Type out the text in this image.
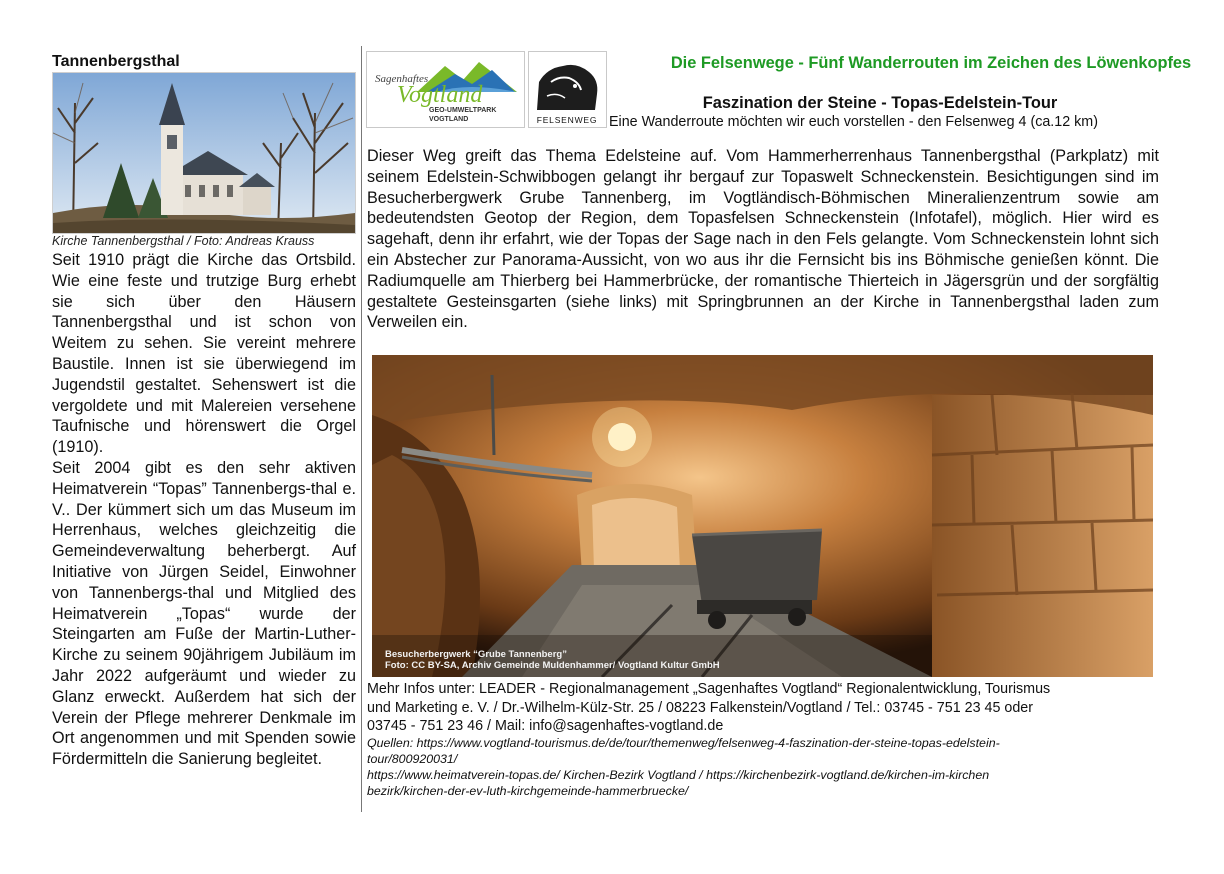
Tannenbergsthal
Kirche Tannenbergsthal / Foto: Andreas Krauss

Seit 1910 prägt die Kirche das Ortsbild. Wie eine feste und trutzige Burg erhebt sie sich über den Häusern Tannenbergsthal und ist schon von Weitem zu sehen. Sie vereint mehrere Baustile. Innen ist sie überwiegend im Jugendstil gestaltet. Sehenswert ist die vergoldete und mit Malereien versehene Taufnische und hörenswert die Orgel (1910).

Seit 2004 gibt es den sehr aktiven Heimatverein “Topas” Tannenbergs-thal e. V.. Der kümmert sich um das Museum im Herrenhaus, welches gleichzeitig die Gemeindeverwaltung beherbergt. Auf Initiative von Jürgen Seidel, Einwohner von Tannenbergs-thal und Mitglied des Heimatverein „Topas“ wurde der Steingarten am Fuße der Martin-Luther-Kirche zu seinem 90jährigem Jubiläum im Jahr 2022 aufgeräumt und wieder zu Glanz erweckt. Außerdem hat sich der Verein der Pflege mehrerer Denkmale im Ort angenommen und mit Spenden sowie Fördermitteln die Sanierung begleitet.

Sagenhaftes
Vogtland
GEO-UMWELTPARK
VOGTLAND	FELSENWEG
Die Felsenwege - Fünf Wanderrouten im Zeichen des Löwenkopfes
Faszination der Steine - Topas-Edelstein-Tour
Eine Wanderroute möchten wir euch vorstellen - den Felsenweg 4 (ca.12 km)

Dieser Weg greift das Thema Edelsteine auf. Vom Hammerherrenhaus Tannenbergsthal (Parkplatz) mit seinem Edelstein-Schwibbogen gelangt ihr bergauf zur Topaswelt Schneckenstein. Besichtigungen sind im Besucherbergwerk Grube Tannenberg, im Vogtländisch-Böhmischen Mineralienzentrum sowie am bedeutendsten Geotop der Region, dem Topasfelsen Schneckenstein (Infotafel), möglich. Hier wird es sagehaft, denn ihr erfahrt, wie der Topas der Sage nach in den Fels gelangte. Vom Schneckenstein lohnt sich ein Abstecher zur Panorama-Aussicht, von wo aus ihr die Fernsicht bis ins Böhmische genießen könnt. Die Radiumquelle am Thierberg bei Hammerbrücke, der romantische Thierteich in Jägersgrün und der sorgfältig gestaltete Gesteinsgarten (siehe links) mit Springbrunnen an der Kirche in Tannenbergsthal laden zum Verweilen ein.

Besucherbergwerk “Grube Tannenberg”
Foto: CC BY-SA, Archiv Gemeinde Muldenhammer/ Vogtland Kultur GmbH

Mehr Infos unter: LEADER - Regionalmanagement „Sagenhaftes Vogtland“ Regionalentwicklung, Tourismus

und Marketing e. V. / Dr.-Wilhelm-Külz-Str. 25 / 08223 Falkenstein/Vogtland / Tel.: 03745 - 751 23 45 oder

03745 - 751 23 46 / Mail: info@sagenhaftes-vogtland.de

Quellen: https://www.vogtland-tourismus.de/de/tour/themenweg/felsenweg-4-faszination-der-steine-topas-edelstein-

tour/800920031/

https://www.heimatverein-topas.de/ Kirchen-Bezirk Vogtland / https://kirchenbezirk-vogtland.de/kirchen-im-kirchen

bezirk/kirchen-der-ev-luth-kirchgemeinde-hammerbruecke/
